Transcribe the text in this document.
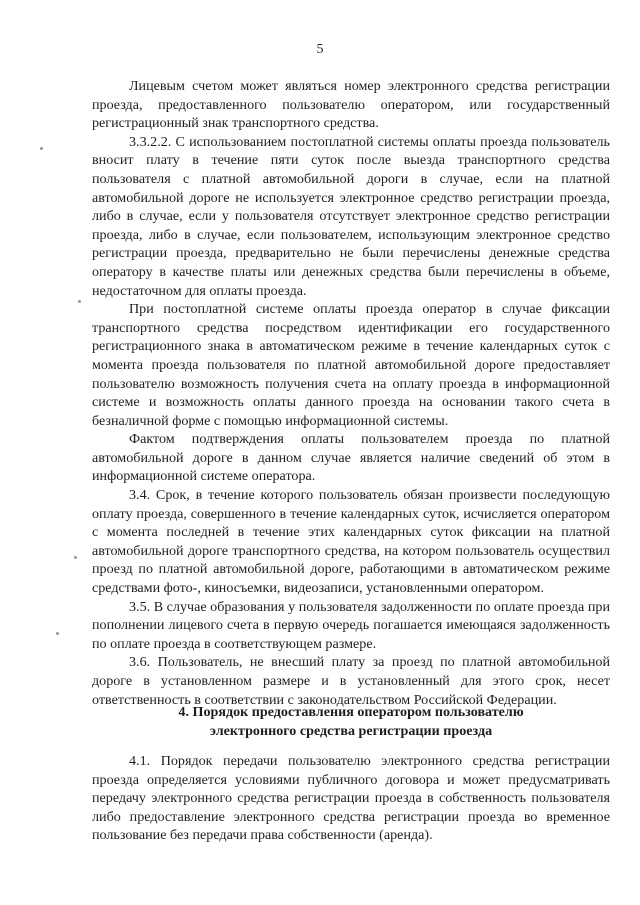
5

Лицевым счетом может являться номер электронного средства регистрации проезда, предоставленного пользователю оператором, или государственный регистрационный знак транспортного средства.

3.3.2.2. С использованием постоплатной системы оплаты проезда пользователь вносит плату в течение пяти суток после выезда транспортного средства пользователя с платной автомобильной дороги в случае, если на платной автомобильной дороге не используется электронное средство регистрации проезда, либо в случае, если у пользователя отсутствует электронное средство регистрации проезда, либо в случае, если пользователем, использующим электронное средство регистрации проезда, предварительно не были перечислены денежные средства оператору в качестве платы или денежных средства были перечислены в объеме, недостаточном для оплаты проезда.

При постоплатной системе оплаты проезда оператор в случае фиксации транспортного средства посредством идентификации его государственного регистрационного знака в автоматическом режиме в течение календарных суток с момента проезда пользователя по платной автомобильной дороге предоставляет пользователю возможность получения счета на оплату проезда в информационной системе и возможность оплаты данного проезда на основании такого счета в безналичной форме с помощью информационной системы.

Фактом подтверждения оплаты пользователем проезда по платной автомобильной дороге в данном случае является наличие сведений об этом в информационной системе оператора.

3.4. Срок, в течение которого пользователь обязан произвести последующую оплату проезда, совершенного в течение календарных суток, исчисляется оператором с момента последней в течение этих календарных суток фиксации на платной автомобильной дороге транспортного средства, на котором пользователь осуществил проезд по платной автомобильной дороге, работающими в автоматическом режиме средствами фото-, киносъемки, видеозаписи, установленными оператором.

3.5. В случае образования у пользователя задолженности по оплате проезда при пополнении лицевого счета в первую очередь погашается имеющаяся задолженность по оплате проезда в соответствующем размере.

3.6. Пользователь, не внесший плату за проезд по платной автомобильной дороге в установленном размере и в установленный для этого срок, несет ответственность в соответствии с законодательством Российской Федерации.

4. Порядок предоставления оператором пользователю
электронного средства регистрации проезда

4.1. Порядок передачи пользователю электронного средства регистрации проезда определяется условиями публичного договора и может предусматривать передачу электронного средства регистрации проезда в собственность пользователя либо предоставление электронного средства регистрации проезда во временное пользование без передачи права собственности (аренда).
